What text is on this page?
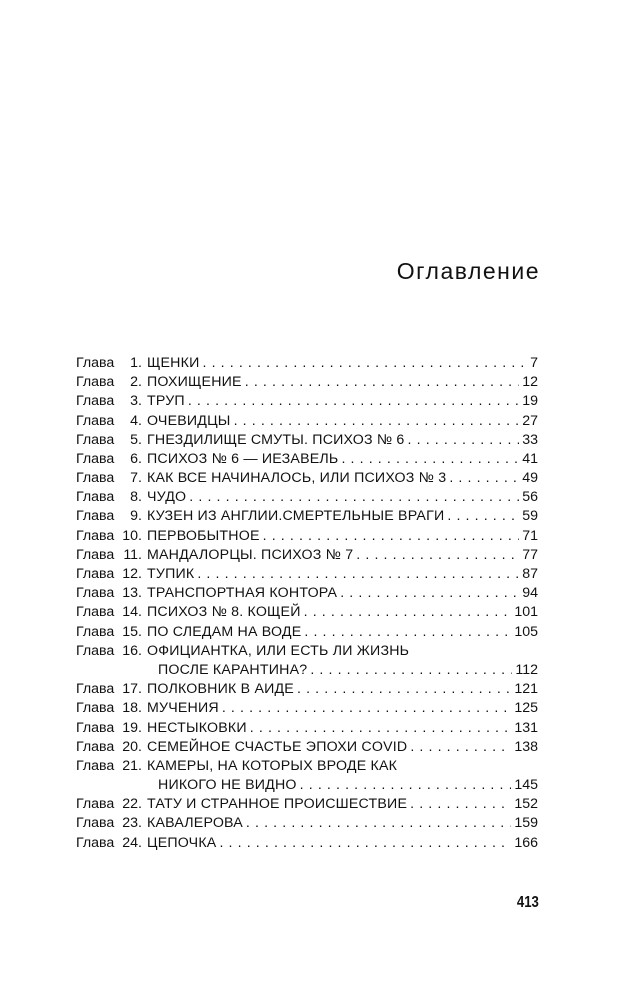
Оглавление
Глава	1. ЩЕНКИ . . .	7
Глава	2. ПОХИЩЕНИЕ . . .	12
Глава	3. ТРУП . . .	19
Глава	4. ОЧЕВИДЦЫ . . .	27
Глава	5. ГНЕЗДИЛИЩЕ СМУТЫ. ПСИХОЗ № 6 . . .	33
Глава	6. ПСИХОЗ № 6 — ИЕЗАВЕЛЬ . . .	41
Глава	7. КАК ВСЕ НАЧИНАЛОСЬ, ИЛИ ПСИХОЗ № 3 . . .	49
Глава	8. ЧУДО . . .	56
Глава	9. КУЗЕН ИЗ АНГЛИИ.СМЕРТЕЛЬНЫЕ ВРАГИ . . .	59
Глава 10. ПЕРВОБЫТНОЕ . . .	71
Глава 11. МАНДАЛОРЦЫ. ПСИХОЗ № 7 . . .	77
Глава 12. ТУПИК . . .	87
Глава 13. ТРАНСПОРТНАЯ КОНТОРА . . .	94
Глава 14. ПСИХОЗ № 8. КОЩЕЙ . . .	101
Глава 15. ПО СЛЕДАМ НА ВОДЕ . . .	105
Глава 16. ОФИЦИАНТКА, ИЛИ ЕСТЬ ЛИ ЖИЗНЬ
ПОСЛЕ КАРАНТИНА? . . .	112
Глава 17. ПОЛКОВНИК В АИДЕ . . .	121
Глава 18. МУЧЕНИЯ . . .	125
Глава 19. НЕСТЫКОВКИ . . .	131
Глава 20. СЕМЕЙНОЕ СЧАСТЬЕ ЭПОХИ COVID . . .	138
Глава 21. КАМЕРЫ, НА КОТОРЫХ ВРОДЕ КАК
НИКОГО НЕ ВИДНО . . .	145
Глава 22. ТАТУ И СТРАННОЕ ПРОИСШЕСТВИЕ . . .	152
Глава 23. КАВАЛЕРОВА . . .	159
Глава 24. ЦЕПОЧКА . . .	166
413
